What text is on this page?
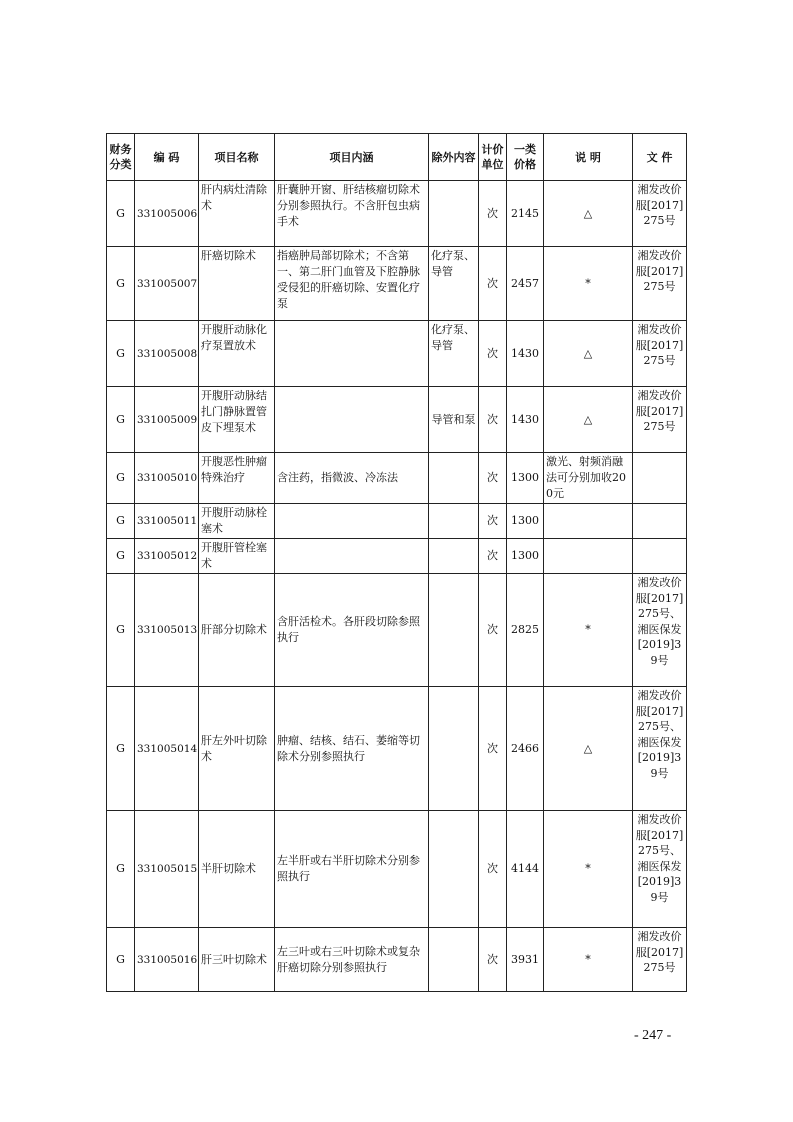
财务分类	编 码	项目名称	项目内涵	除外内容	计价单位	一类价格	说 明	文 件
G	331005006	肝内病灶清除术	肝囊肿开窗、肝结核瘤切除术分别参照执行。不含肝包虫病手术		次	2145	△	湘发改价服[2017]275号
G	331005007	肝癌切除术	指癌肿局部切除术；不含第一、第二肝门血管及下腔静脉受侵犯的肝癌切除、安置化疗泵	化疗泵、导管	次	2457	*	湘发改价服[2017]275号
G	331005008	开腹肝动脉化疗泵置放术		化疗泵、导管	次	1430	△	湘发改价服[2017]275号
G	331005009	开腹肝动脉结扎门静脉置管皮下埋泵术		导管和泵	次	1430	△	湘发改价服[2017]275号
G	331005010	开腹恶性肿瘤特殊治疗	含注药，指微波、冷冻法		次	1300	激光、射频消融法可分别加收200元	
G	331005011	开腹肝动脉栓塞术			次	1300		
G	331005012	开腹肝管栓塞术			次	1300		
G	331005013	肝部分切除术	含肝活检术。各肝段切除参照执行		次	2825	*	湘发改价服[2017]275号、湘医保发[2019]39号
G	331005014	肝左外叶切除术	肿瘤、结核、结石、萎缩等切除术分别参照执行		次	2466	△	湘发改价服[2017]275号、湘医保发[2019]39号
G	331005015	半肝切除术	左半肝或右半肝切除术分别参照执行		次	4144	*	湘发改价服[2017]275号、湘医保发[2019]39号
G	331005016	肝三叶切除术	左三叶或右三叶切除术或复杂肝癌切除分别参照执行		次	3931	*	湘发改价服[2017]275号
- 247 -
